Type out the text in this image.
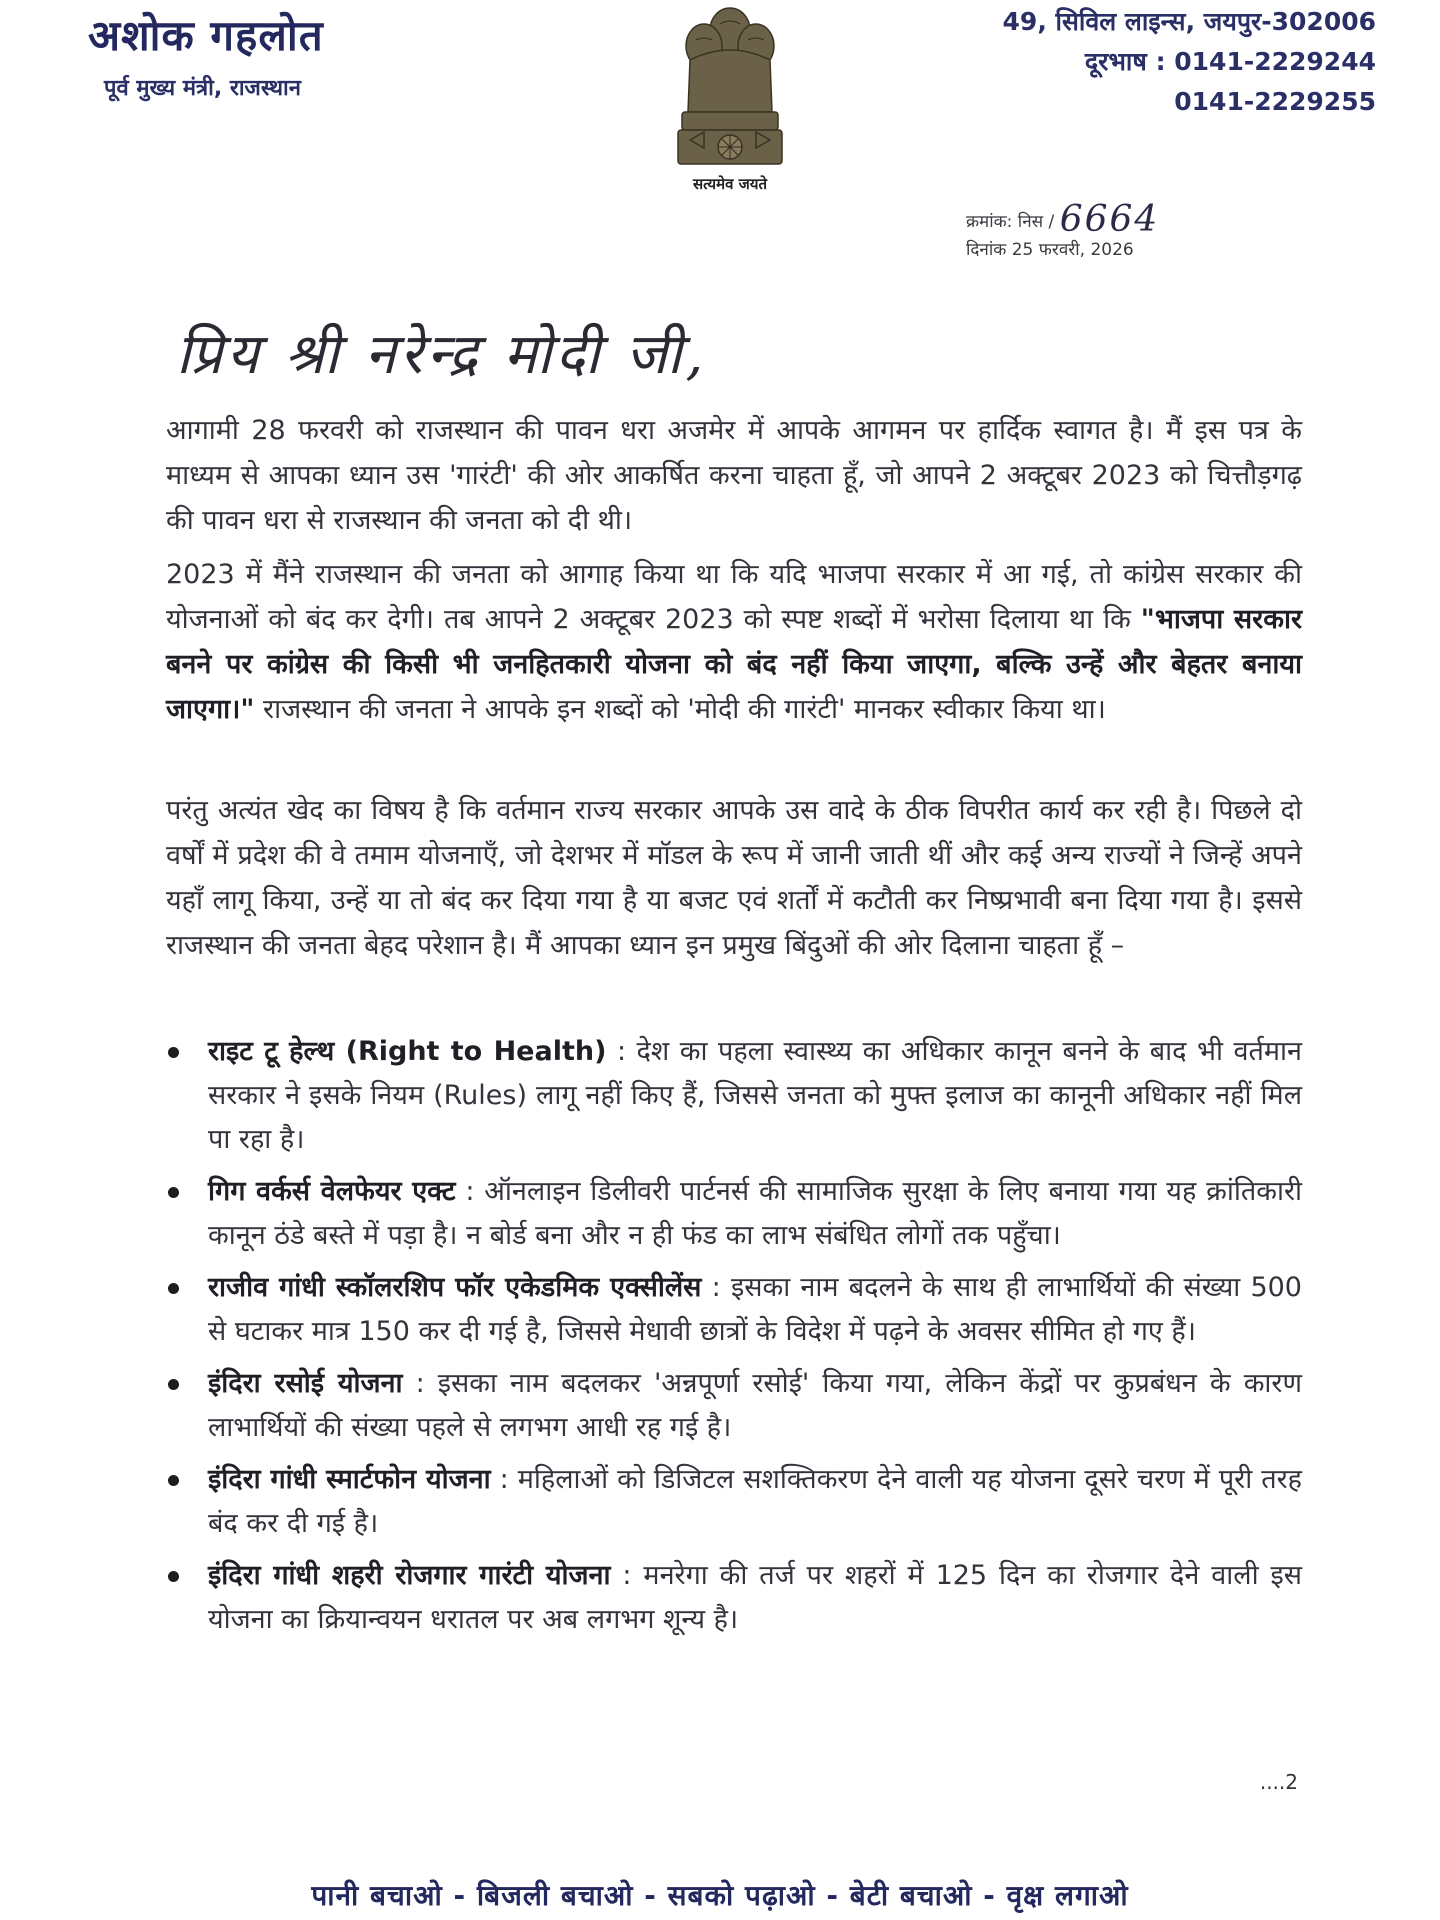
अशोक गहलोत
पूर्व मुख्य मंत्री, राजस्थान
सत्यमेव जयते
49, सिविल लाइन्स, जयपुर-302006
दूरभाष : 0141-2229244
0141-2229255
क्रमांक: निस / 6664
दिनांक 25 फरवरी, 2026
प्रिय श्री नरेन्द्र मोदी जी,
आगामी 28 फरवरी को राजस्थान की पावन धरा अजमेर में आपके आगमन पर हार्दिक स्वागत है। मैं इस पत्र के माध्यम से आपका ध्यान उस 'गारंटी' की ओर आकर्षित करना चाहता हूँ, जो आपने 2 अक्टूबर 2023 को चित्तौड़गढ़ की पावन धरा से राजस्थान की जनता को दी थी।
2023 में मैंने राजस्थान की जनता को आगाह किया था कि यदि भाजपा सरकार में आ गई, तो कांग्रेस सरकार की योजनाओं को बंद कर देगी। तब आपने 2 अक्टूबर 2023 को स्पष्ट शब्दों में भरोसा दिलाया था कि "भाजपा सरकार बनने पर कांग्रेस की किसी भी जनहितकारी योजना को बंद नहीं किया जाएगा, बल्कि उन्हें और बेहतर बनाया जाएगा।" राजस्थान की जनता ने आपके इन शब्दों को 'मोदी की गारंटी' मानकर स्वीकार किया था।
परंतु अत्यंत खेद का विषय है कि वर्तमान राज्य सरकार आपके उस वादे के ठीक विपरीत कार्य कर रही है। पिछले दो वर्षों में प्रदेश की वे तमाम योजनाएँ, जो देशभर में मॉडल के रूप में जानी जाती थीं और कई अन्य राज्यों ने जिन्हें अपने यहाँ लागू किया, उन्हें या तो बंद कर दिया गया है या बजट एवं शर्तों में कटौती कर निष्प्रभावी बना दिया गया है। इससे राजस्थान की जनता बेहद परेशान है। मैं आपका ध्यान इन प्रमुख बिंदुओं की ओर दिलाना चाहता हूँ –
राइट टू हेल्थ (Right to Health) : देश का पहला स्वास्थ्य का अधिकार कानून बनने के बाद भी वर्तमान सरकार ने इसके नियम (Rules) लागू नहीं किए हैं, जिससे जनता को मुफ्त इलाज का कानूनी अधिकार नहीं मिल पा रहा है।
गिग वर्कर्स वेलफेयर एक्ट : ऑनलाइन डिलीवरी पार्टनर्स की सामाजिक सुरक्षा के लिए बनाया गया यह क्रांतिकारी कानून ठंडे बस्ते में पड़ा है। न बोर्ड बना और न ही फंड का लाभ संबंधित लोगों तक पहुँचा।
राजीव गांधी स्कॉलरशिप फॉर एकेडमिक एक्सीलेंस : इसका नाम बदलने के साथ ही लाभार्थियों की संख्या 500 से घटाकर मात्र 150 कर दी गई है, जिससे मेधावी छात्रों के विदेश में पढ़ने के अवसर सीमित हो गए हैं।
इंदिरा रसोई योजना : इसका नाम बदलकर 'अन्नपूर्णा रसोई' किया गया, लेकिन केंद्रों पर कुप्रबंधन के कारण लाभार्थियों की संख्या पहले से लगभग आधी रह गई है।
इंदिरा गांधी स्मार्टफोन योजना : महिलाओं को डिजिटल सशक्तिकरण देने वाली यह योजना दूसरे चरण में पूरी तरह बंद कर दी गई है।
इंदिरा गांधी शहरी रोजगार गारंटी योजना : मनरेगा की तर्ज पर शहरों में 125 दिन का रोजगार देने वाली इस योजना का क्रियान्वयन धरातल पर अब लगभग शून्य है।
....2
पानी बचाओ - बिजली बचाओ - सबको पढ़ाओ - बेटी बचाओ - वृक्ष लगाओ
